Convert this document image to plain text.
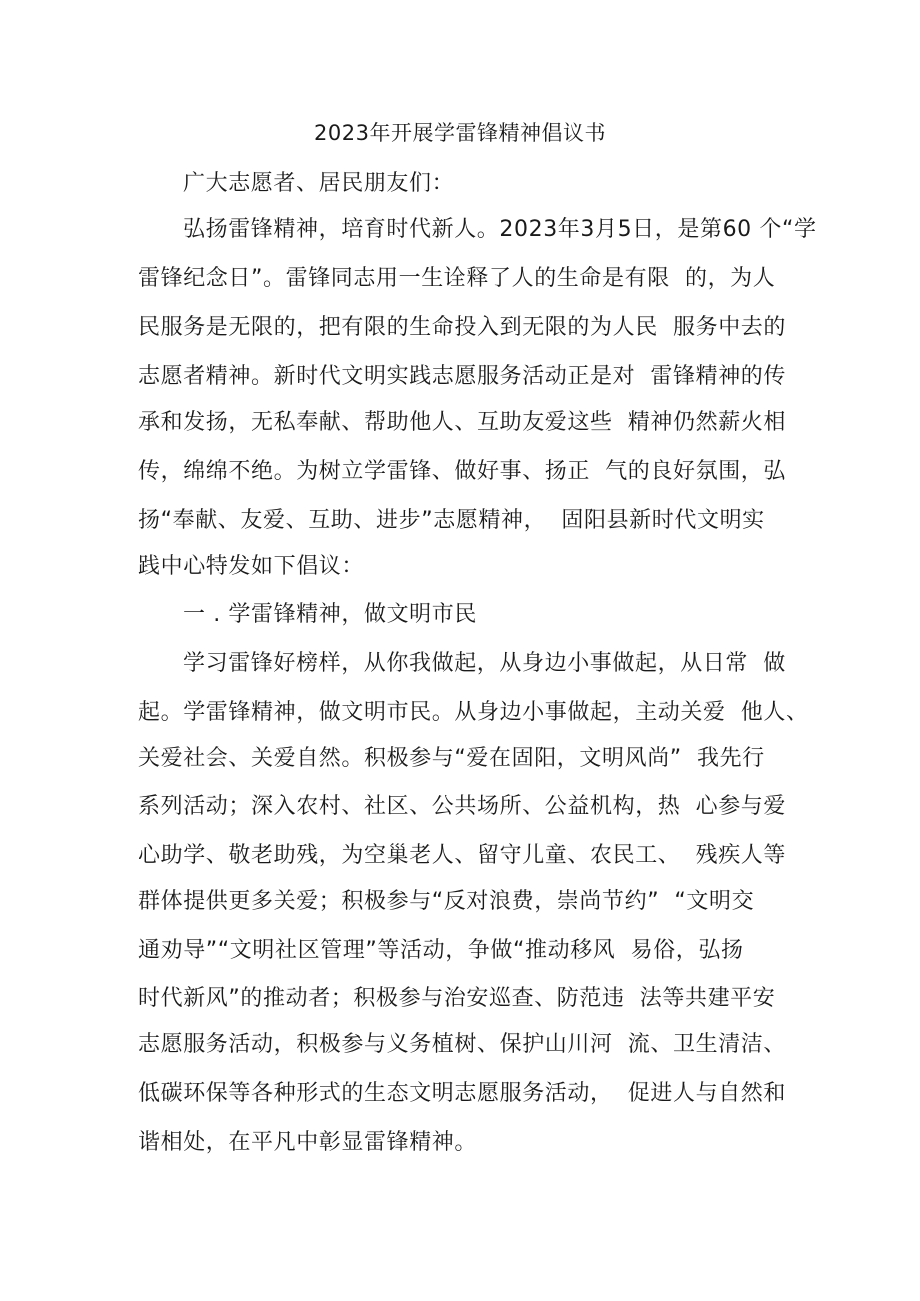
2023年开展学雷锋精神倡议书
广大志愿者、居民朋友们：
弘扬雷锋精神，培育时代新人。2023年3月5日，是第60 个“学
雷锋纪念日”。雷锋同志用一生诠释了人的生命是有限  的，为人
民服务是无限的，把有限的生命投入到无限的为人民  服务中去的
志愿者精神。新时代文明实践志愿服务活动正是对  雷锋精神的传
承和发扬，无私奉献、帮助他人、互助友爱这些  精神仍然薪火相
传，绵绵不绝。为树立学雷锋、做好事、扬正  气的良好氛围，弘
扬“奉献、友爱、互助、进步”志愿精神，  固阳县新时代文明实
践中心特发如下倡议：
一 . 学雷锋精神，做文明市民
学习雷锋好榜样，从你我做起，从身边小事做起，从日常  做
起。学雷锋精神，做文明市民。从身边小事做起，主动关爱  他人、
关爱社会、关爱自然。积极参与“爱在固阳，文明风尚”  我先行
系列活动；深入农村、社区、公共场所、公益机构，热  心参与爱
心助学、敬老助残，为空巢老人、留守儿童、农民工、  残疾人等
群体提供更多关爱；积极参与“反对浪费，崇尚节约”  “文明交
通劝导”“文明社区管理”等活动，争做“推动移风  易俗，弘扬
时代新风”的推动者；积极参与治安巡查、防范违  法等共建平安
志愿服务活动，积极参与义务植树、保护山川河  流、卫生清洁、
低碳环保等各种形式的生态文明志愿服务活动，  促进人与自然和
谐相处，在平凡中彰显雷锋精神。
